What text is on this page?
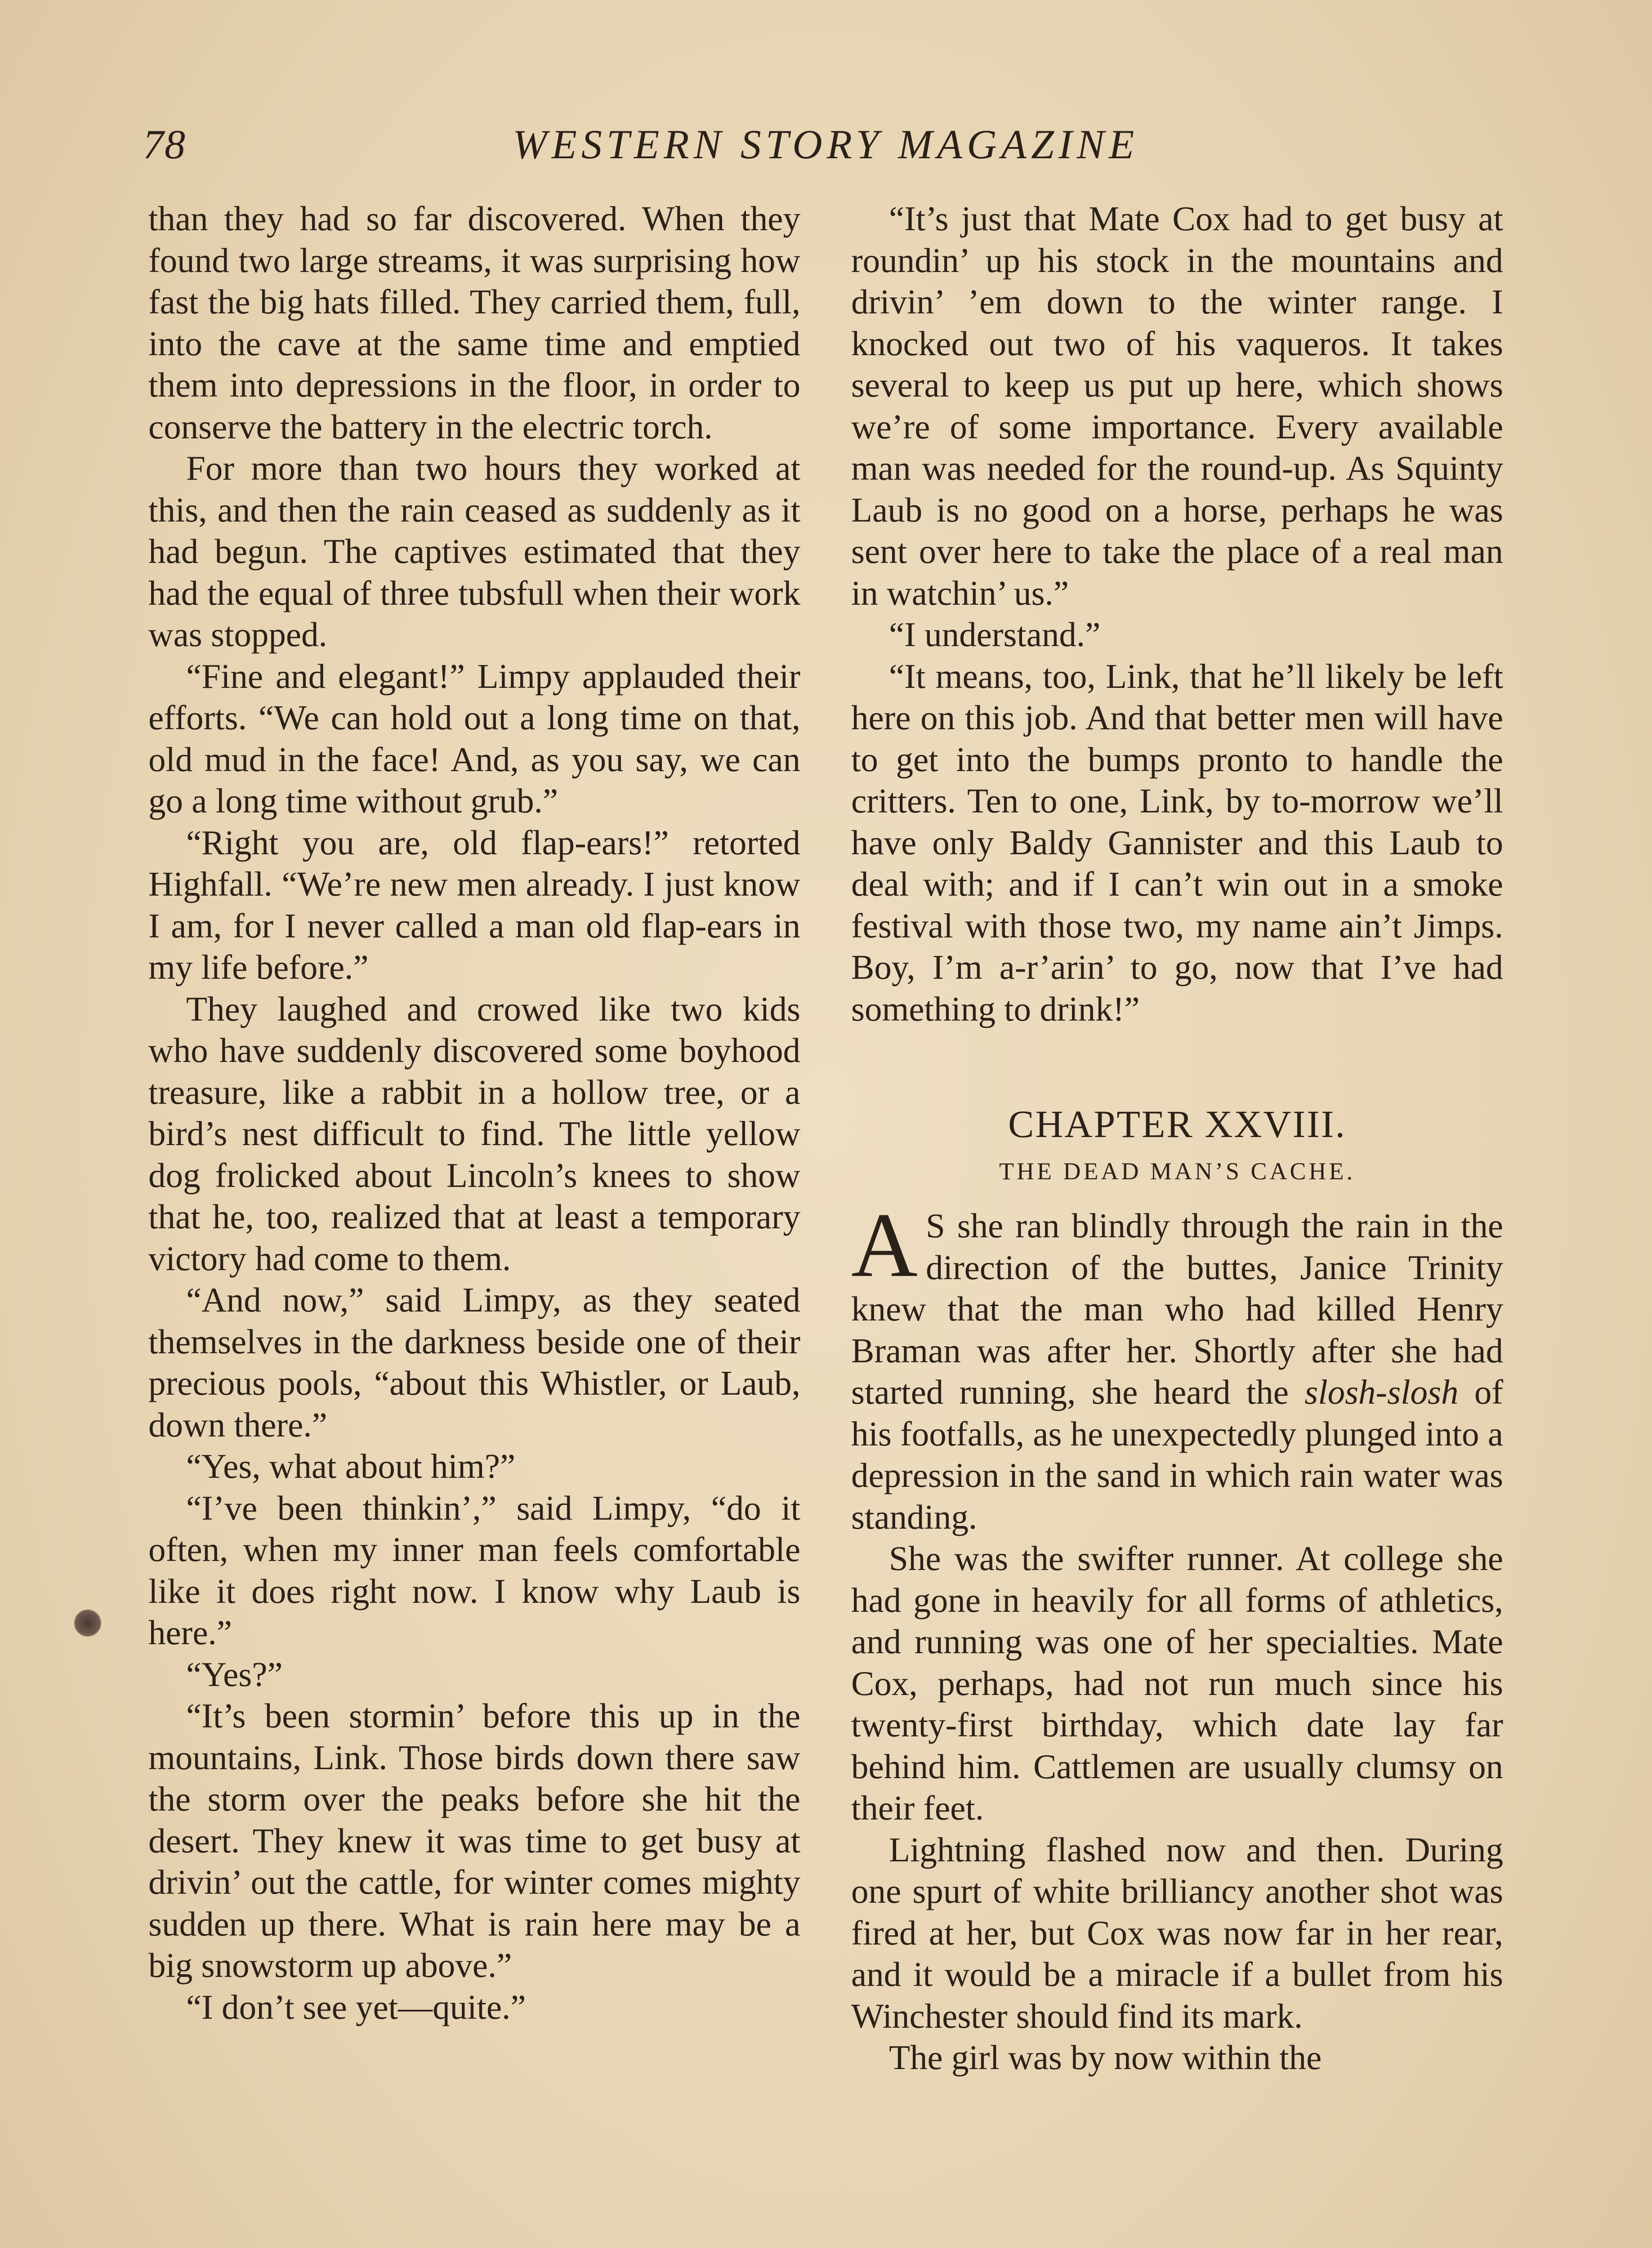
78	WESTERN STORY MAGAZINE

than they had so far discovered. When they found two large streams, it was surprising how fast the big hats filled. They carried them, full, into the cave at the same time and emptied them into depressions in the floor, in order to conserve the battery in the electric torch.

For more than two hours they worked at this, and then the rain ceased as suddenly as it had begun. The captives estimated that they had the equal of three tubsfull when their work was stopped.

“Fine and elegant!” Limpy applauded their efforts. “We can hold out a long time on that, old mud in the face! And, as you say, we can go a long time without grub.”

“Right you are, old flap-ears!” retorted Highfall. “We’re new men already. I just know I am, for I never called a man old flap-ears in my life before.”

They laughed and crowed like two kids who have suddenly discovered some boyhood treasure, like a rabbit in a hollow tree, or a bird’s nest difficult to find. The little yellow dog frolicked about Lincoln’s knees to show that he, too, realized that at least a temporary victory had come to them.

“And now,” said Limpy, as they seated themselves in the darkness beside one of their precious pools, “about this Whistler, or Laub, down there.”

“Yes, what about him?”

“I’ve been thinkin’,” said Limpy, “do it often, when my inner man feels comfortable like it does right now. I know why Laub is here.”

“Yes?”

“It’s been stormin’ before this up in the mountains, Link. Those birds down there saw the storm over the peaks before she hit the desert. They knew it was time to get busy at drivin’ out the cattle, for winter comes mighty sudden up there. What is rain here may be a big snowstorm up above.”

“I don’t see yet—quite.”

“It’s just that Mate Cox had to get busy at roundin’ up his stock in the mountains and drivin’ ’em down to the winter range. I knocked out two of his vaqueros. It takes several to keep us put up here, which shows we’re of some importance. Every available man was needed for the round-up. As Squinty Laub is no good on a horse, perhaps he was sent over here to take the place of a real man in watchin’ us.”

“I understand.”

“It means, too, Link, that he’ll likely be left here on this job. And that better men will have to get into the bumps pronto to handle the critters. Ten to one, Link, by to-morrow we’ll have only Baldy Gannister and this Laub to deal with; and if I can’t win out in a smoke festival with those two, my name ain’t Jimps. Boy, I’m a-r’arin’ to go, now that I’ve had something to drink!”

CHAPTER XXVIII.
THE DEAD MAN’S CACHE.

A S she ran blindly through the rain in the direction of the buttes, Janice Trinity knew that the man who had killed Henry Braman was after her. Shortly after she had started running, she heard the slosh-slosh of his footfalls, as he unexpectedly plunged into a depression in the sand in which rain water was standing.

She was the swifter runner. At college she had gone in heavily for all forms of athletics, and running was one of her specialties. Mate Cox, perhaps, had not run much since his twenty-first birthday, which date lay far behind him. Cattlemen are usually clumsy on their feet.

Lightning flashed now and then. During one spurt of white brilliancy another shot was fired at her, but Cox was now far in her rear, and it would be a miracle if a bullet from his Winchester should find its mark.

The girl was by now within the
